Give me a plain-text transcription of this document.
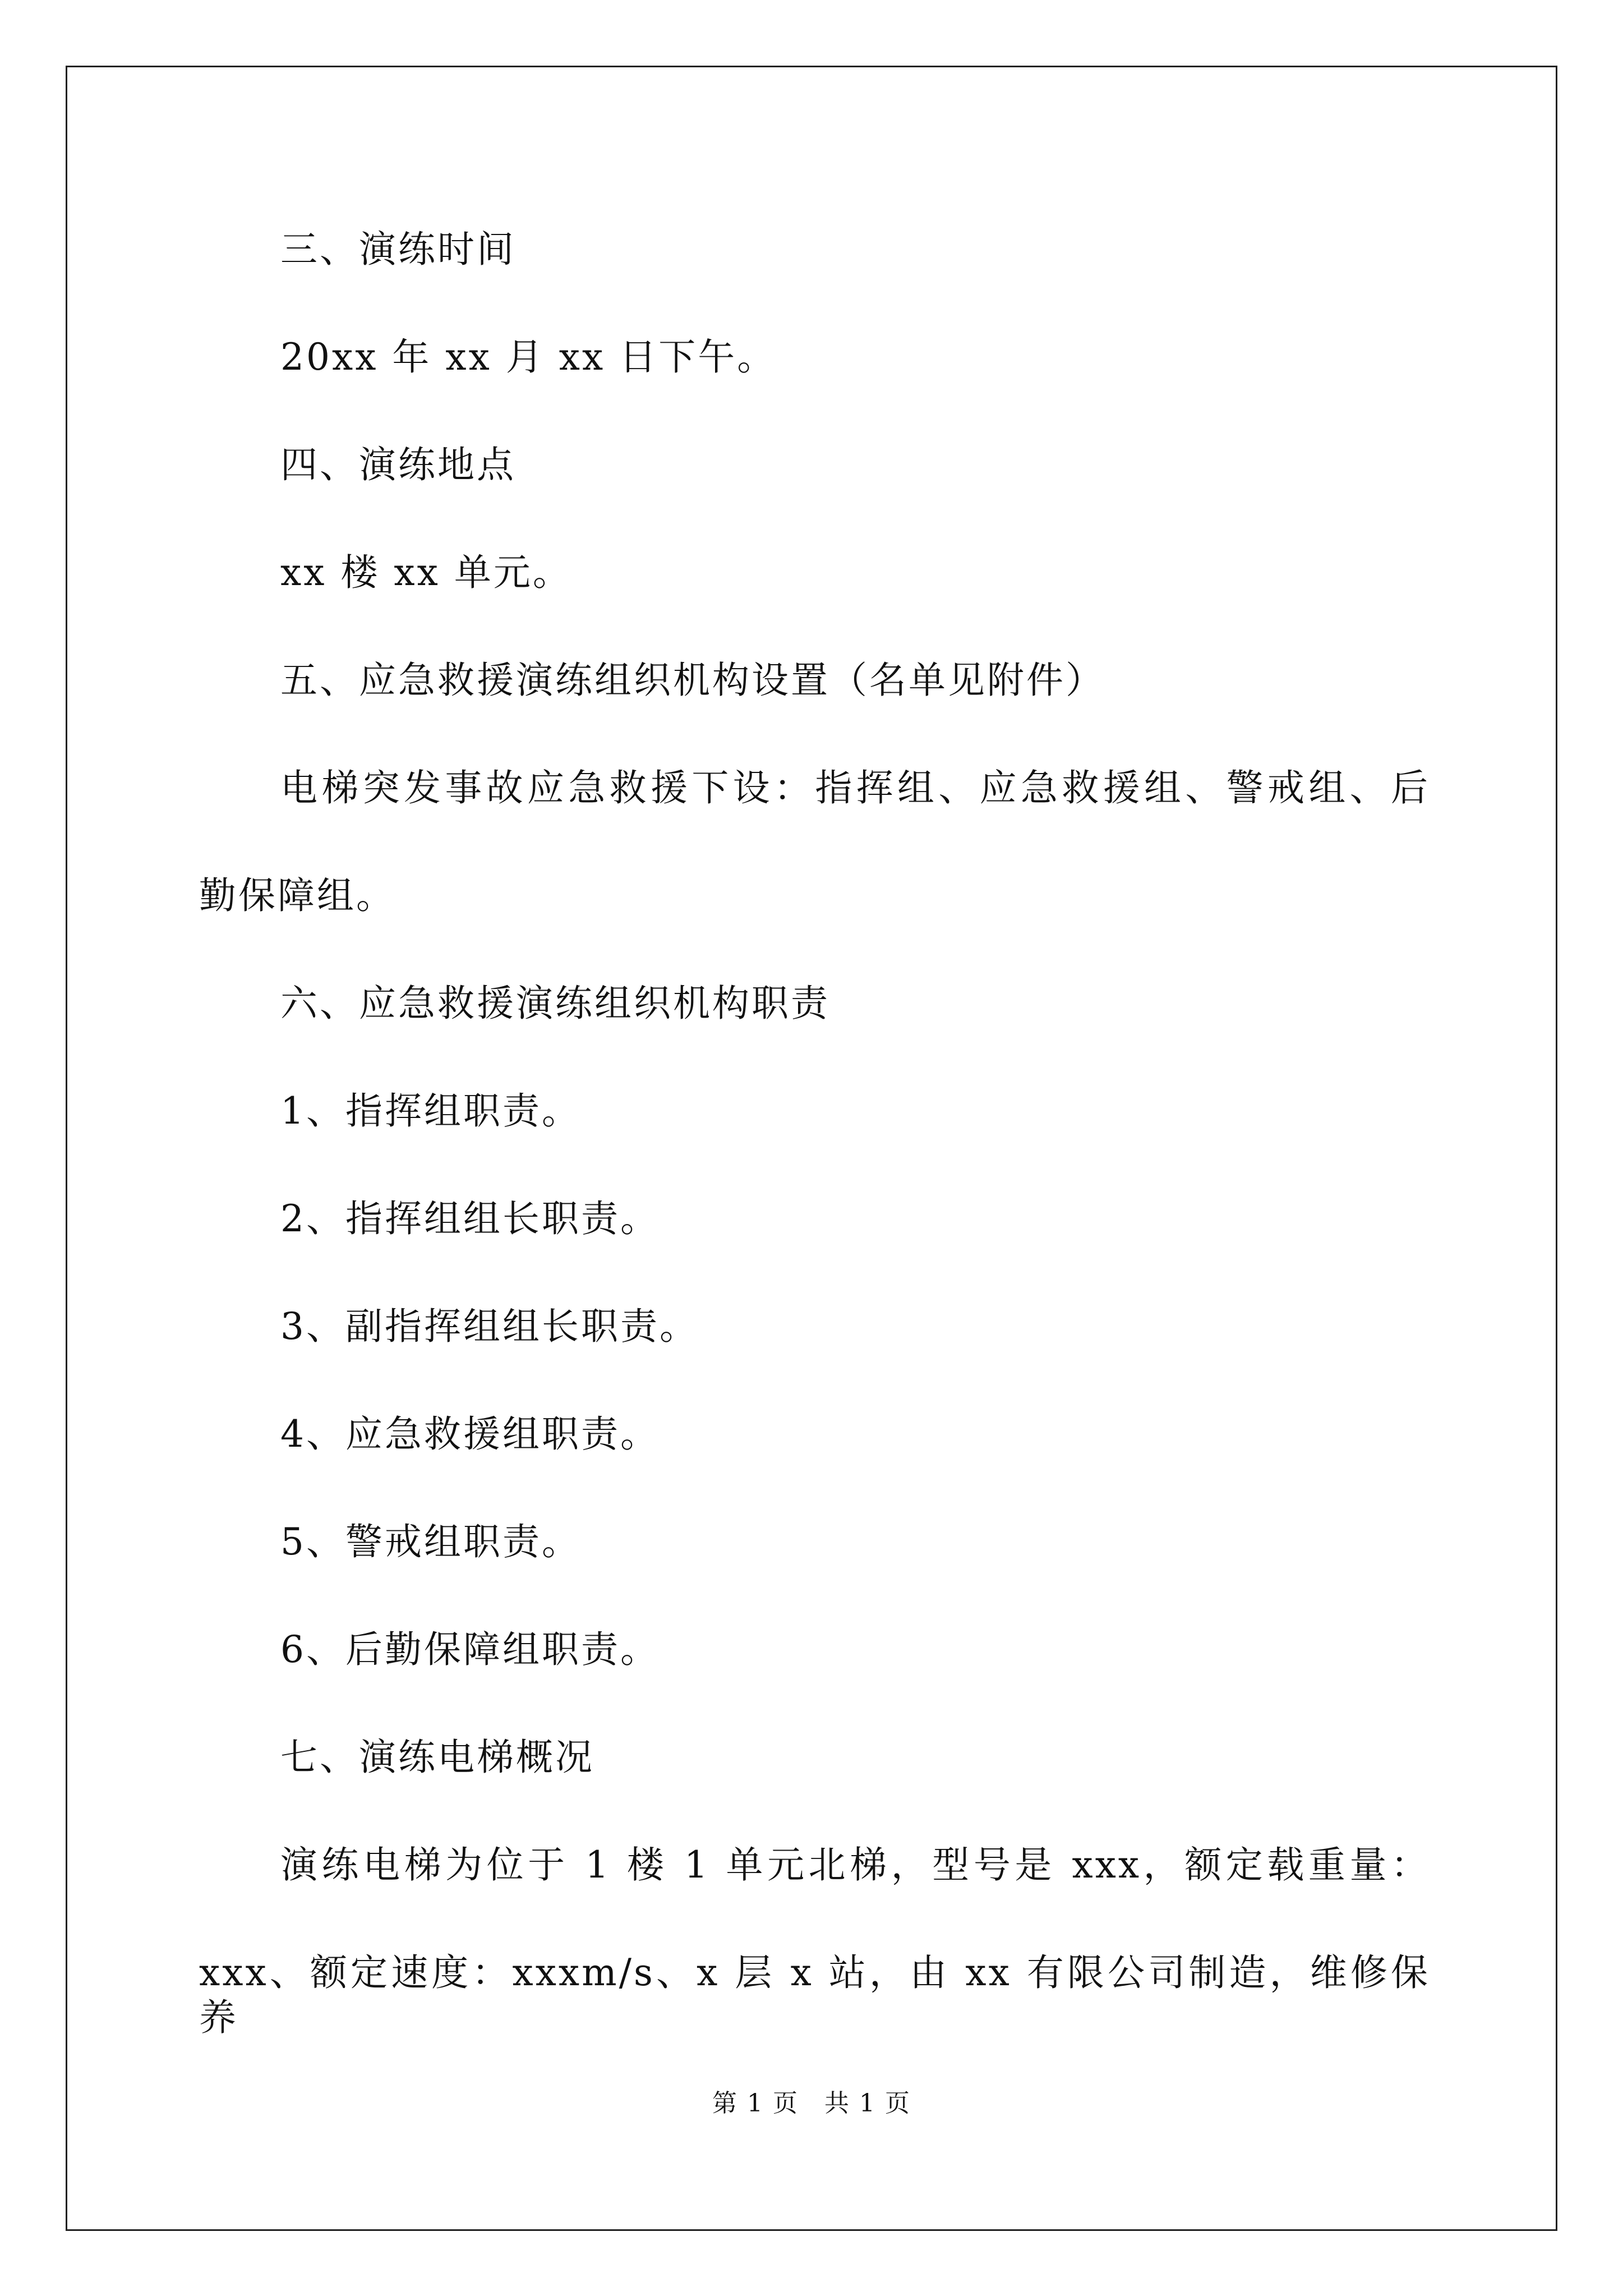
三、演练时间
20xx 年 xx 月 xx 日下午。
四、演练地点
xx 楼 xx 单元。
五、应急救援演练组织机构设置（名单见附件）
电梯突发事故应急救援下设：指挥组、应急救援组、警戒组、后
勤保障组。
六、应急救援演练组织机构职责
1、指挥组职责。
2、指挥组组长职责。
3、副指挥组组长职责。
4、应急救援组职责。
5、警戒组职责。
6、后勤保障组职责。
七、演练电梯概况
演练电梯为位于 1 楼 1 单元北梯，型号是 xxx，额定载重量：
xxx、额定速度：xxxm/s、x 层 x 站，由 xx 有限公司制造，维修保养
第 1 页　共 1 页
